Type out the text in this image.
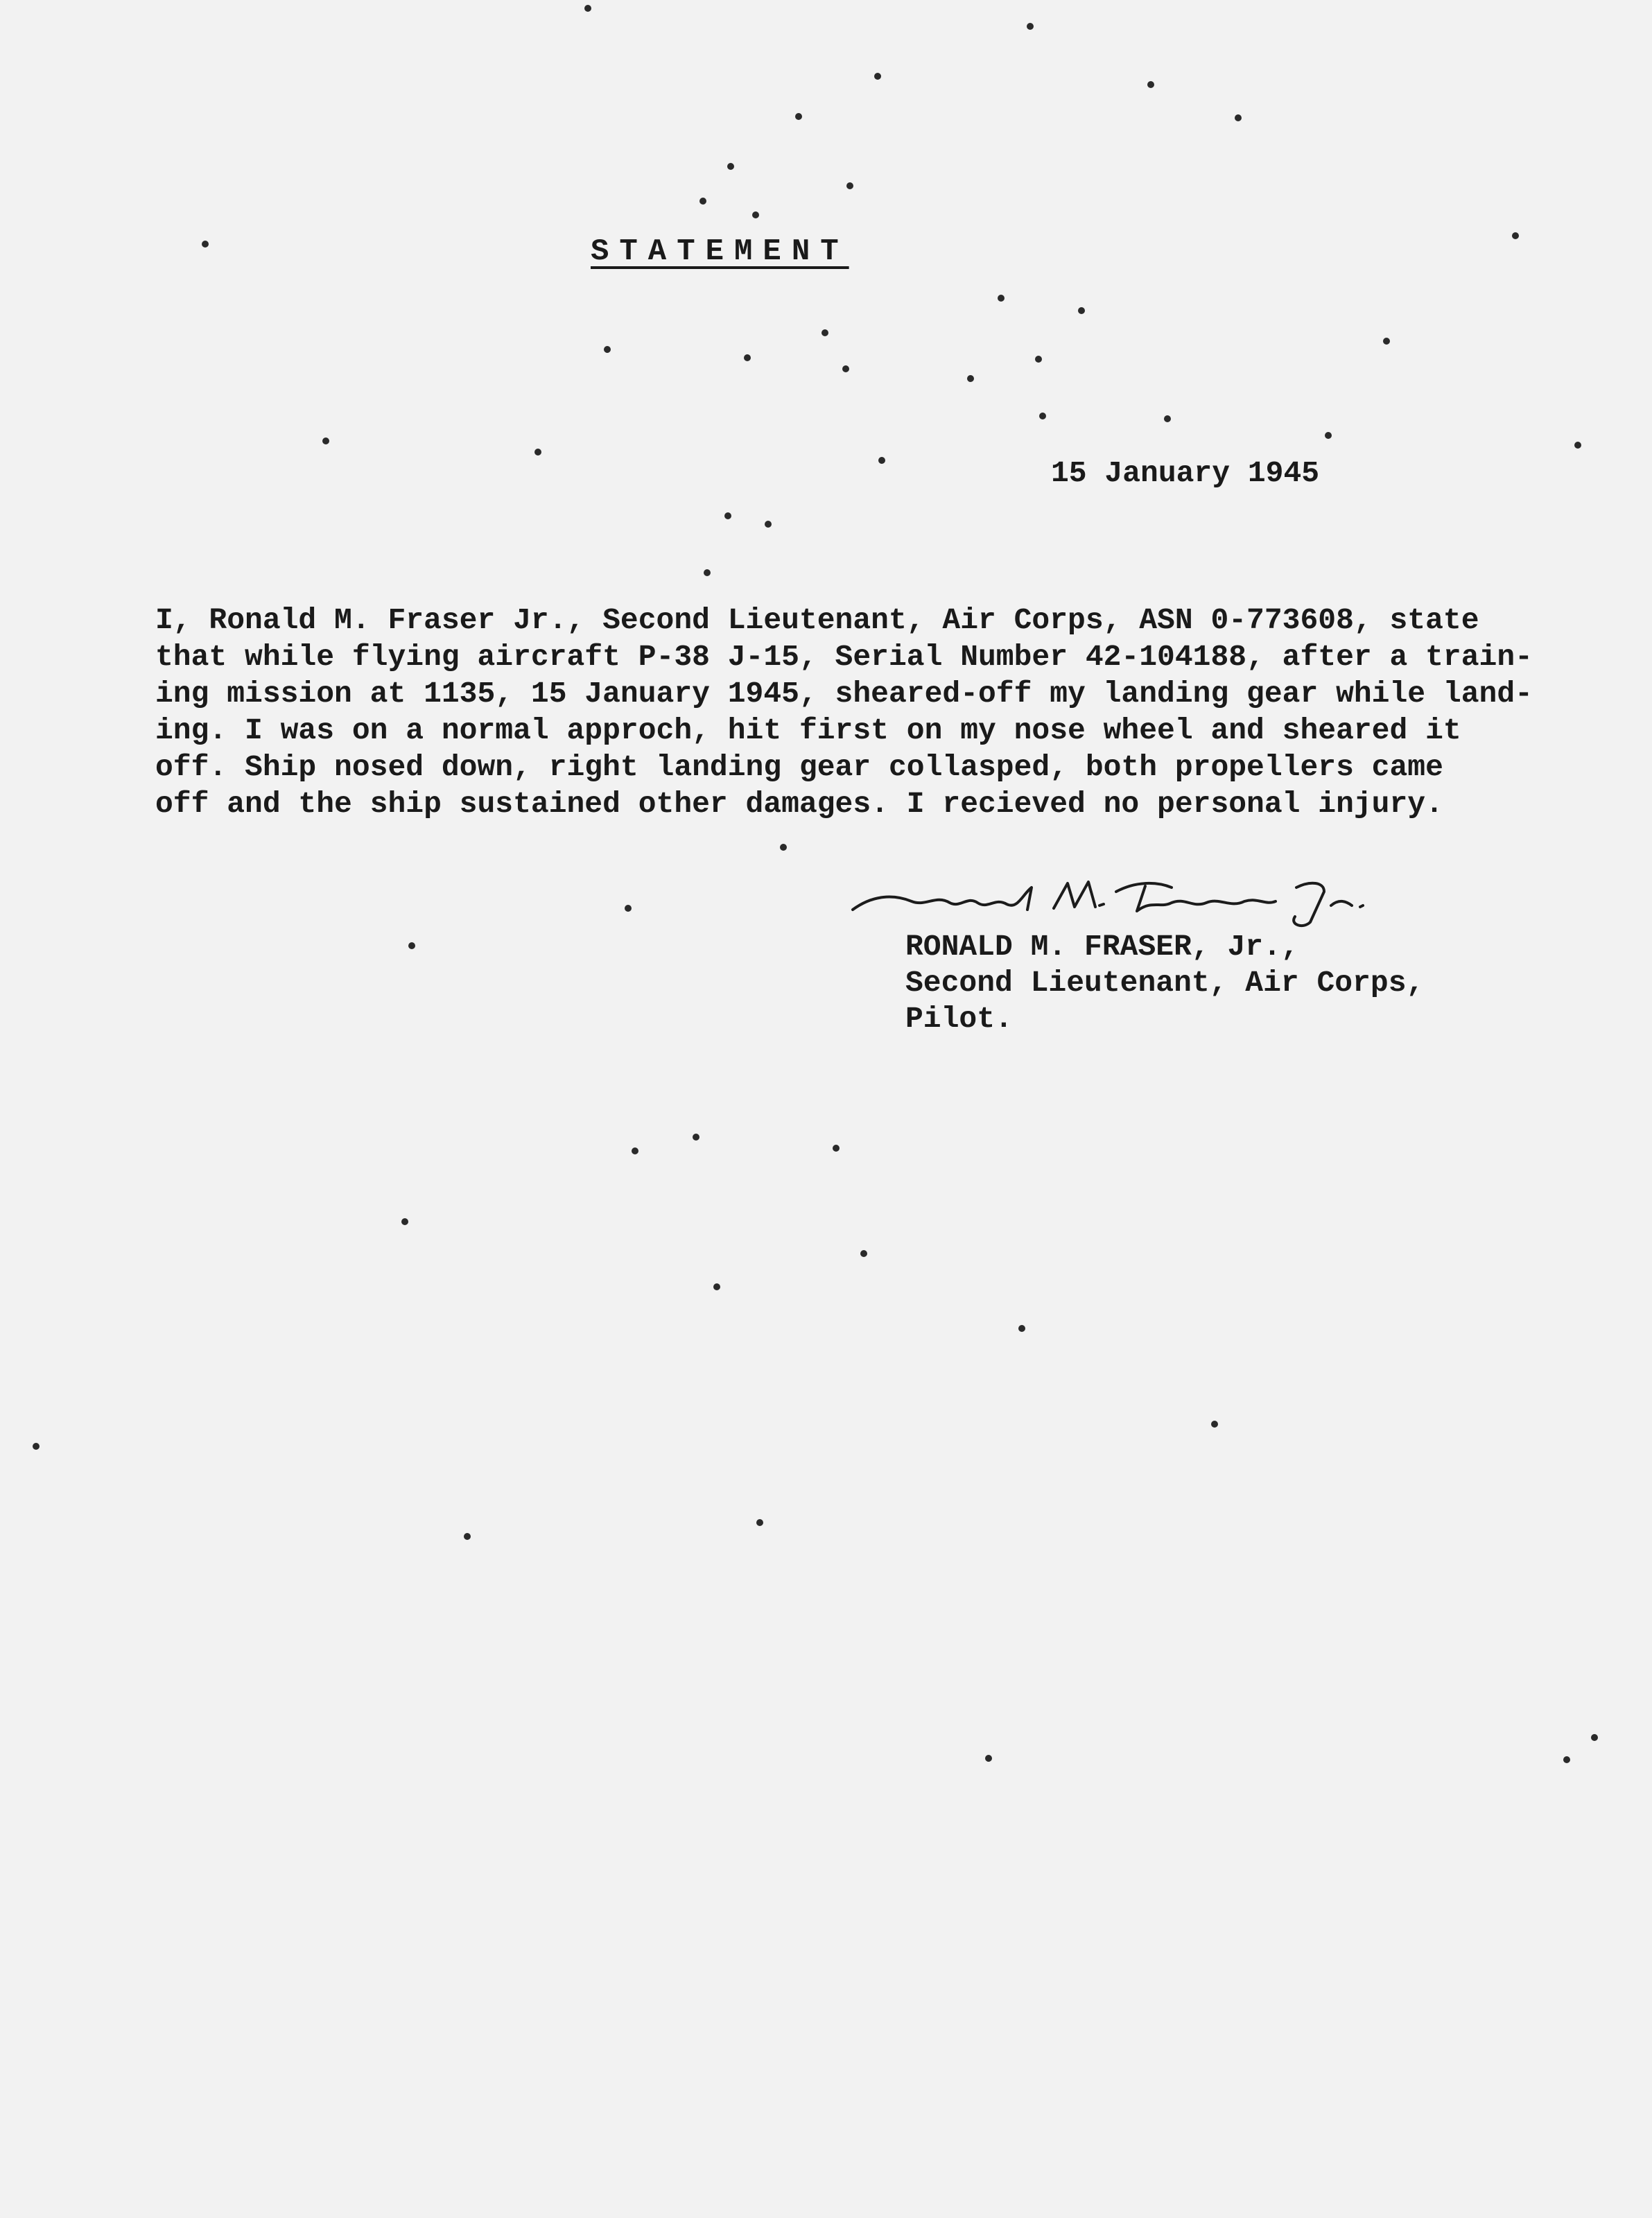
STATEMENT
15 January 1945
I, Ronald M. Fraser Jr., Second Lieutenant, Air Corps, ASN 0-773608, state
that while flying aircraft P-38 J-15, Serial Number 42-104188, after a train-
ing mission at 1135, 15 January 1945, sheared-off my landing gear while land-
ing. I was on a normal approch, hit first on my nose wheel and sheared it
off. Ship nosed down, right landing gear collasped, both propellers came
off and the ship sustained other damages. I recieved no personal injury.
RONALD M. FRASER, Jr.,
Second Lieutenant, Air Corps,
Pilot.
